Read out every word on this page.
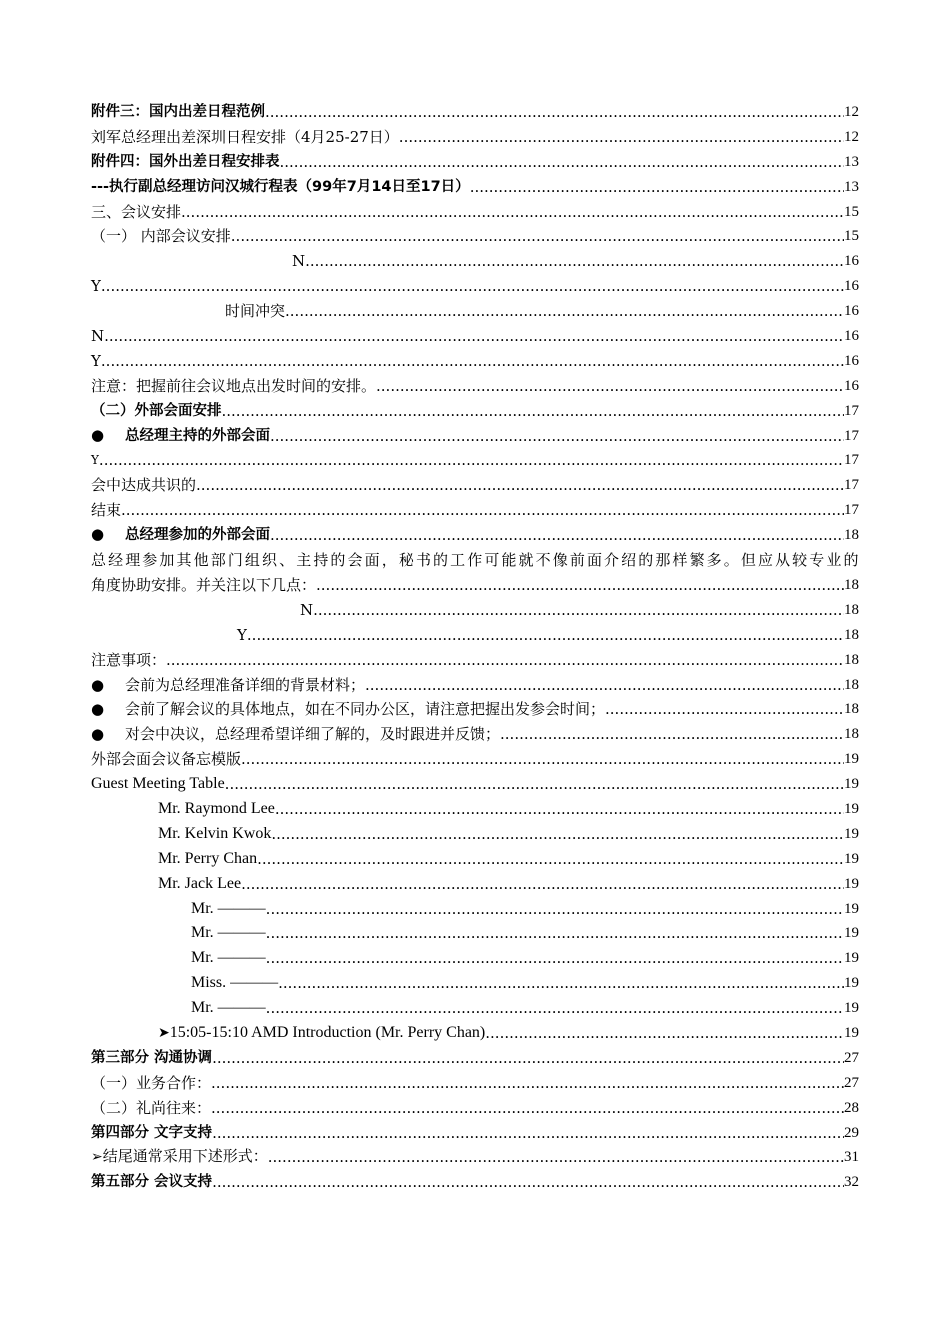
附件三：国内出差日程范例 .....	12
刘军总经理出差深圳日程安排（4月25-27日） .....	12
附件四：国外出差日程安排表 .....	13
---执行副总经理访问汉城行程表（99年7月14日至17日） .....	13
三、会议安排 .....	15
（一） 内部会议安排 .....	15
N .....	16
Y .....	16
时间冲突 .....	16
N .....	16
Y .....	16
注意：把握前往会议地点出发时间的安排。 .....	16
（二）外部会面安排 .....	17
● 总经理主持的外部会面 .....	17
Y .....	17
会中达成共识的 .....	17
结束 .....	17
● 总经理参加的外部会面 .....	18
总经理参加其他部门组织、主持的会面，秘书的工作可能就不像前面介绍的那样繁多。但应从较专业的
角度协助安排。并关注以下几点： .....	18
N .....	18
Y .....	18
注意事项： .....	18
● 会前为总经理准备详细的背景材料； .....	18
● 会前了解会议的具体地点，如在不同办公区，请注意把握出发参会时间； .....	18
● 对会中决议，总经理希望详细了解的，及时跟进并反馈； .....	18
外部会面会议备忘模版 .....	19
Guest Meeting Table .....	19
Mr. Raymond Lee .....	19
Mr. Kelvin Kwok .....	19
Mr. Perry Chan .....	19
Mr. Jack Lee .....	19
Mr. ——— .....	19
Mr. ——— .....	19
Mr. ——— .....	19
Miss. ——— .....	19
Mr. ——— .....	19
➤15:05-15:10 AMD Introduction (Mr. Perry Chan) .....	19
第三部分 沟通协调 .....	27
（一）业务合作： .....	27
（二）礼尚往来： .....	28
第四部分 文字支持 .....	29
➢结尾通常采用下述形式： .....	31
第五部分 会议支持 .....	32
